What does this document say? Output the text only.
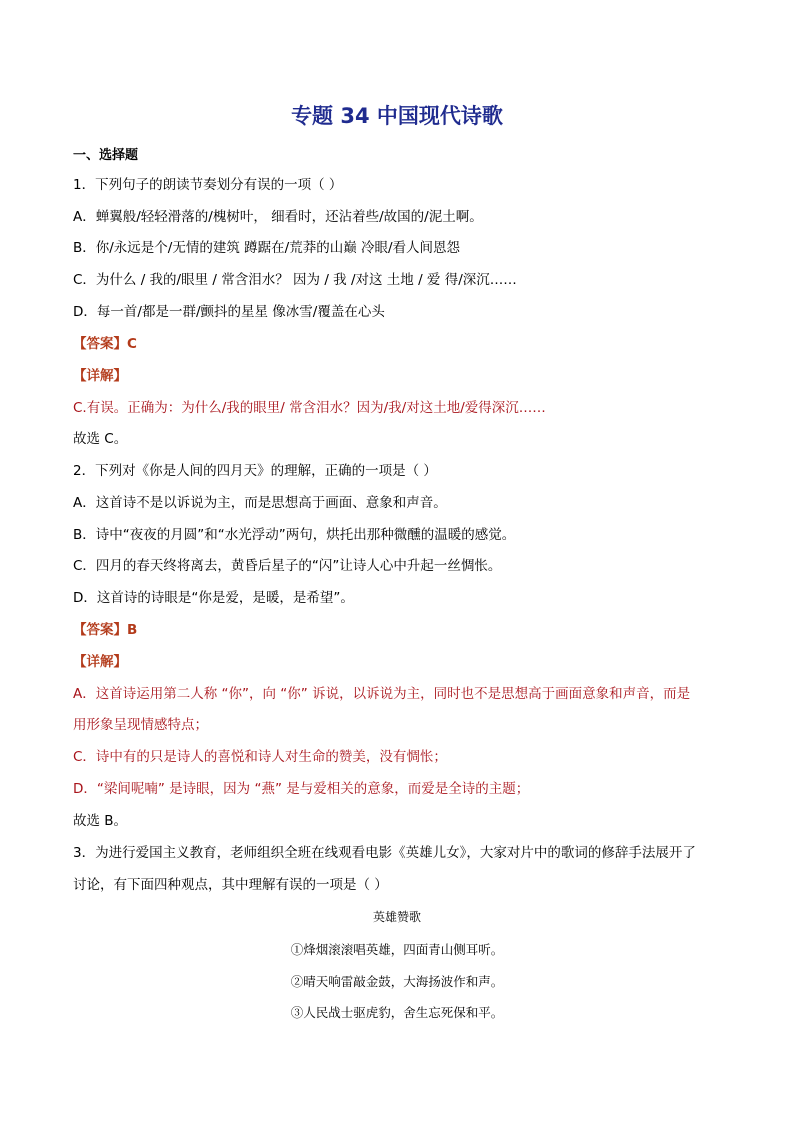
专题 34 中国现代诗歌
一、选择题
1．下列句子的朗读节奏划分有误的一项（ ）
A．蝉翼般/轻轻滑落的/槐树叶， 细看时，还沾着些/故国的/泥土啊。
B．你/永远是个/无情的建筑 蹲踞在/荒莽的山巅 冷眼/看人间恩怨
C．为什么 / 我的/眼里 / 常含泪水？ 因为 / 我 /对这 土地 / 爱 得/深沉……
D．每一首/都是一群/颤抖的星星 像冰雪/覆盖在心头
【答案】C
【详解】
C.有误。正确为：为什么/我的眼里/ 常含泪水？因为/我/对这土地/爱得深沉……
故选 C。
2．下列对《你是人间的四月天》的理解，正确的一项是（ ）
A．这首诗不是以诉说为主，而是思想高于画面、意象和声音。
B．诗中“夜夜的月圆”和“水光浮动”两句，烘托出那种微醺的温暖的感觉。
C．四月的春天终将离去，黄昏后星子的“闪”让诗人心中升起一丝惆怅。
D．这首诗的诗眼是“你是爱，是暖，是希望”。
【答案】B
【详解】
A．这首诗运用第二人称 “你”，向 “你” 诉说，以诉说为主，同时也不是思想高于画面意象和声音，而是
用形象呈现情感特点；
C．诗中有的只是诗人的喜悦和诗人对生命的赞美，没有惆怅；
D．“梁间呢喃” 是诗眼，因为 “燕” 是与爱相关的意象，而爱是全诗的主题；
故选 B。
3．为进行爱国主义教育，老师组织全班在线观看电影《英雄儿女》，大家对片中的歌词的修辞手法展开了
讨论，有下面四种观点，其中理解有误的一项是（ ）
英雄赞歌
①烽烟滚滚唱英雄，四面青山侧耳听。
②晴天响雷敲金鼓，大海扬波作和声。
③人民战士驱虎豹，舍生忘死保和平。
